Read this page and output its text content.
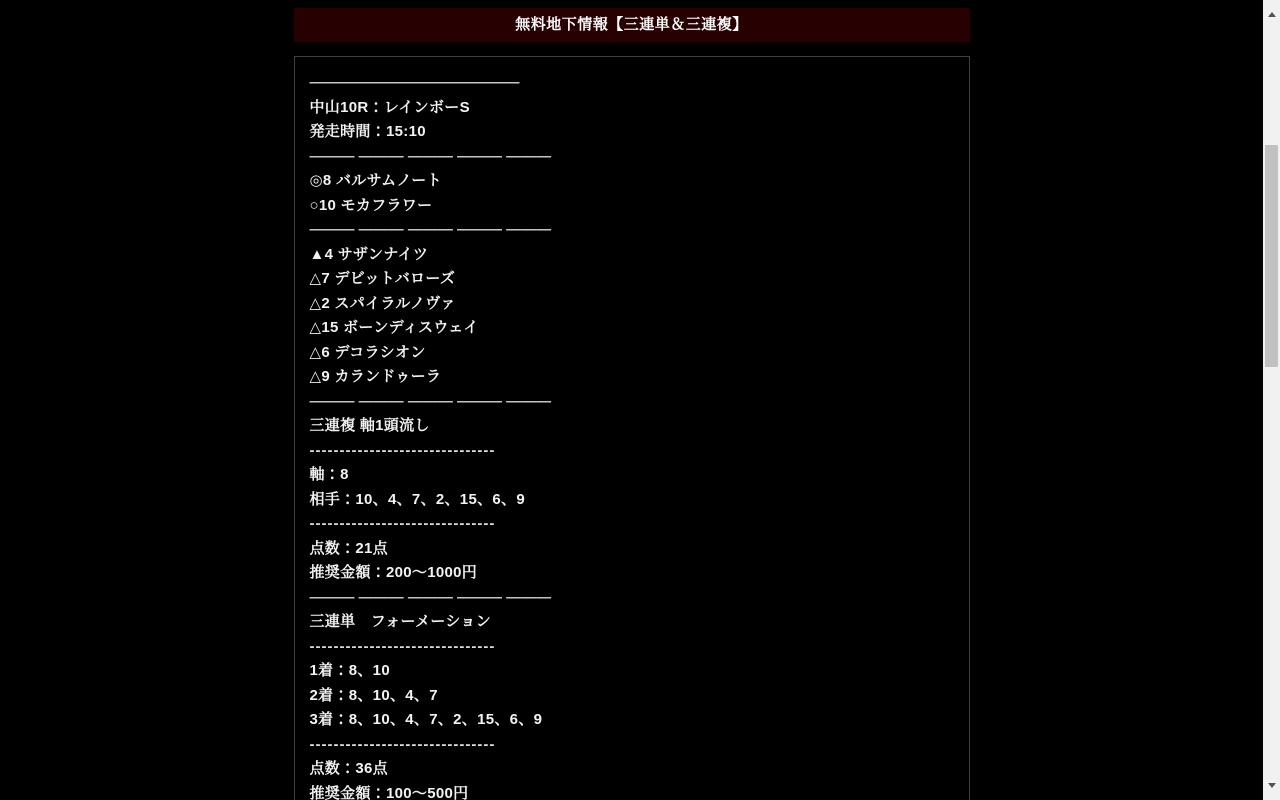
無料地下情報【三連単＆三連複】
——————————————
中山10R：レインボーS
発走時間：15:10
——— ——— ——— ——— ———
◎8 バルサムノート
○10 モカフラワー
——— ——— ——— ——— ———
▲4 サザンナイツ
△7 デビットバローズ
△2 スパイラルノヴァ
△15 ボーンディスウェイ
△6 デコラシオン
△9 カランドゥーラ
——— ——— ——— ——— ———
三連複 軸1頭流し
-------------------------------
軸：8
相手：10、4、7、2、15、6、9
-------------------------------
点数：21点
推奨金額：200〜1000円
——— ——— ——— ——— ———
三連単　フォーメーション
-------------------------------
1着：8、10
2着：8、10、4、7
3着：8、10、4、7、2、15、6、9
-------------------------------
点数：36点
推奨金額：100〜500円
